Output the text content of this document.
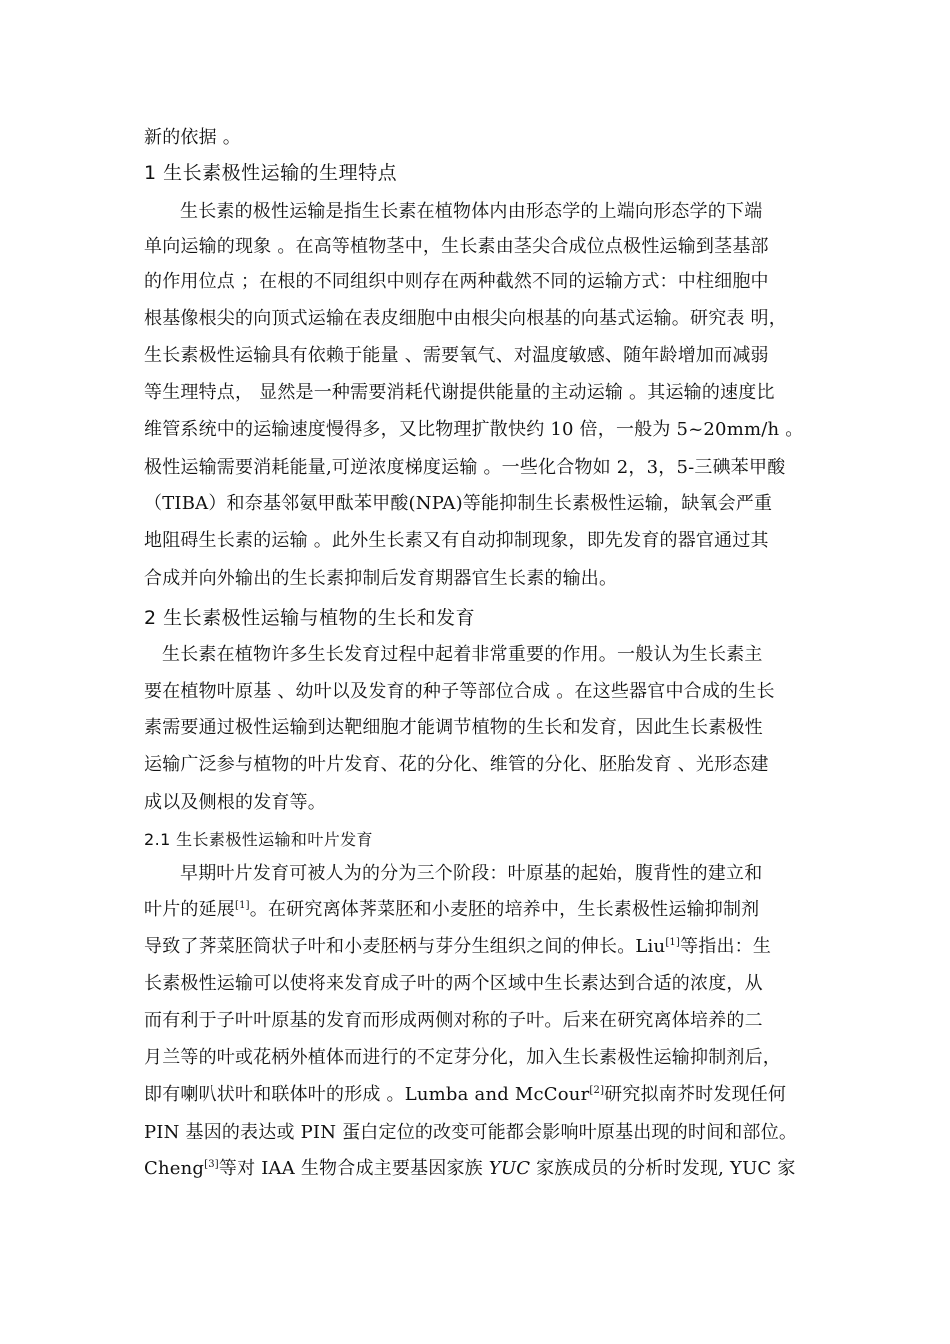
新的依据 。
1 生长素极性运输的生理特点
生长素的极性运输是指生长素在植物体内由形态学的上端向形态学的下端
单向运输的现象 。在高等植物茎中，生长素由茎尖合成位点极性运输到茎基部
的作用位点 ；在根的不同组织中则存在两种截然不同的运输方式：中柱细胞中
根基像根尖的向顶式运输在表皮细胞中由根尖向根基的向基式运输。研究表 明，
生长素极性运输具有依赖于能量 、需要氧气、对温度敏感、随年龄增加而减弱
等生理特点， 显然是一种需要消耗代谢提供能量的主动运输 。其运输的速度比
维管系统中的运输速度慢得多，又比物理扩散快约 10 倍，一般为 5~20mm/h 。
极性运输需要消耗能量,可逆浓度梯度运输 。一些化合物如 2，3，5-三碘苯甲酸
（TIBA）和奈基邻氨甲酞苯甲酸(NPA)等能抑制生长素极性运输，缺氧会严重
地阻碍生长素的运输 。此外生长素又有自动抑制现象，即先发育的器官通过其
合成并向外输出的生长素抑制后发育期器官生长素的输出。
2 生长素极性运输与植物的生长和发育
生长素在植物许多生长发育过程中起着非常重要的作用。一般认为生长素主
要在植物叶原基 、幼叶以及发育的种子等部位合成 。在这些器官中合成的生长
素需要通过极性运输到达靶细胞才能调节植物的生长和发育，因此生长素极性
运输广泛参与植物的叶片发育、花的分化、维管的分化、胚胎发育 、光形态建
成以及侧根的发育等。
2.1 生长素极性运输和叶片发育
早期叶片发育可被人为的分为三个阶段：叶原基的起始，腹背性的建立和
叶片的延展[1]。在研究离体荠菜胚和小麦胚的培养中，生长素极性运输抑制剂
导致了荠菜胚筒状子叶和小麦胚柄与芽分生组织之间的伸长。Liu[1]等指出：生
长素极性运输可以使将来发育成子叶的两个区域中生长素达到合适的浓度，从
而有利于子叶叶原基的发育而形成两侧对称的子叶。后来在研究离体培养的二
月兰等的叶或花柄外植体而进行的不定芽分化，加入生长素极性运输抑制剂后，
即有喇叭状叶和联体叶的形成 。Lumba and McCour[2]研究拟南芥时发现任何
PIN 基因的表达或 PIN 蛋白定位的改变可能都会影响叶原基出现的时间和部位。
Cheng[3]等对 IAA 生物合成主要基因家族 YUC 家族成员的分析时发现, YUC 家
